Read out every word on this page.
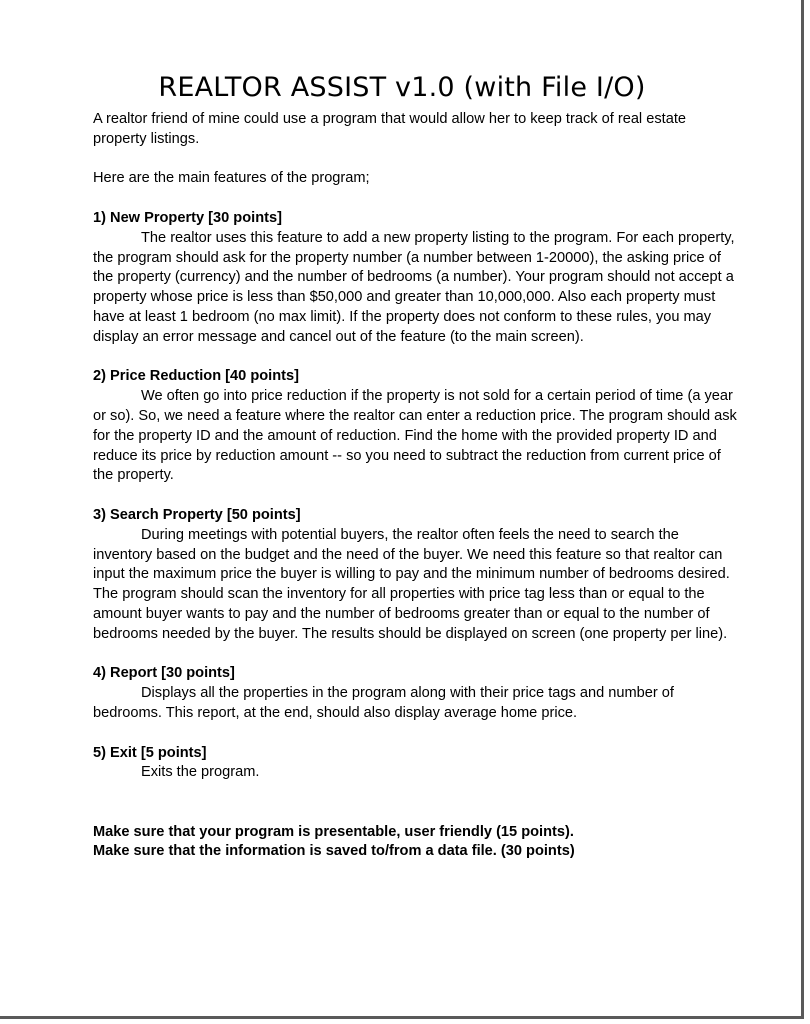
REALTOR ASSIST v1.0 (with File I/O)

A realtor friend of mine could use a program that would allow her to keep track of real estate property listings.

Here are the main features of the program;

1) New Property [30 points]

The realtor uses this feature to add a new property listing to the program. For each property, the program should ask for the property number (a number between 1-20000), the asking price of the property (currency) and the number of bedrooms (a number). Your program should not accept a property whose price is less than $50,000 and greater than 10,000,000. Also each property must have at least 1 bedroom (no max limit). If the property does not conform to these rules, you may display an error message and cancel out of the feature (to the main screen).

2) Price Reduction [40 points]

We often go into price reduction if the property is not sold for a certain period of time (a year or so). So, we need a feature where the realtor can enter a reduction price. The program should ask for the property ID and the amount of reduction. Find the home with the provided property ID and reduce its price by reduction amount -- so you need to subtract the reduction from current price of the property.

3) Search Property [50 points]

During meetings with potential buyers, the realtor often feels the need to search the inventory based on the budget and the need of the buyer. We need this feature so that realtor can input the maximum price the buyer is willing to pay and the minimum number of bedrooms desired. The program should scan the inventory for all properties with price tag less than or equal to the amount buyer wants to pay and the number of bedrooms greater than or equal to the number of bedrooms needed by the buyer. The results should be displayed on screen (one property per line).

4) Report [30 points]

Displays all the properties in the program along with their price tags and number of bedrooms. This report, at the end, should also display average home price.

5) Exit [5 points]

Exits the program.

Make sure that your program is presentable, user friendly (15 points).

Make sure that the information is saved to/from a data file. (30 points)
